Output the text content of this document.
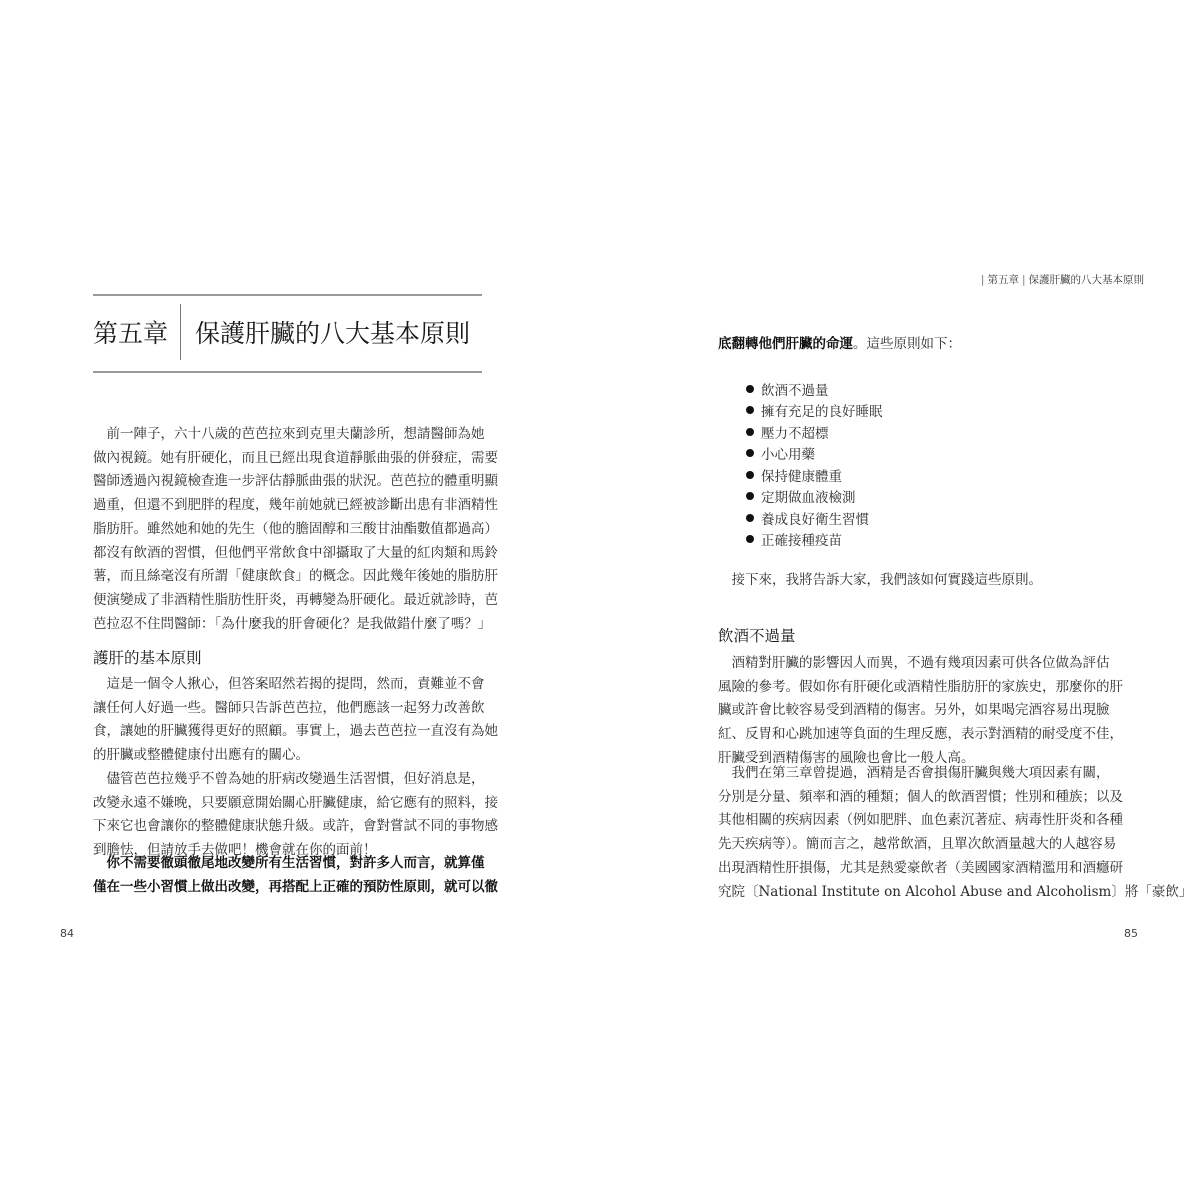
第五章	保護肝臟的八大基本原則

　前一陣子，六十八歲的芭芭拉來到克里夫蘭診所，想請醫師為她
做內視鏡。她有肝硬化，而且已經出現食道靜脈曲張的併發症，需要
醫師透過內視鏡檢查進一步評估靜脈曲張的狀況。芭芭拉的體重明顯
過重，但還不到肥胖的程度，幾年前她就已經被診斷出患有非酒精性
脂肪肝。雖然她和她的先生（他的膽固醇和三酸甘油酯數值都過高）
都沒有飲酒的習慣，但他們平常飲食中卻攝取了大量的紅肉類和馬鈴
薯，而且絲毫沒有所謂「健康飲食」的概念。因此幾年後她的脂肪肝
便演變成了非酒精性脂肪性肝炎，再轉變為肝硬化。最近就診時，芭
芭拉忍不住問醫師：「為什麼我的肝會硬化？是我做錯什麼了嗎？」

護肝的基本原則

　這是一個令人揪心，但答案昭然若揭的提問，然而，責難並不會
讓任何人好過一些。醫師只告訴芭芭拉，他們應該一起努力改善飲
食，讓她的肝臟獲得更好的照顧。事實上，過去芭芭拉一直沒有為她
的肝臟或整體健康付出應有的關心。

　儘管芭芭拉幾乎不曾為她的肝病改變過生活習慣，但好消息是，
改變永遠不嫌晚，只要願意開始關心肝臟健康，給它應有的照料，接
下來它也會讓你的整體健康狀態升級。或許，會對嘗試不同的事物感
到膽怯，但請放手去做吧！機會就在你的面前！

　你不需要徹頭徹尾地改變所有生活習慣，對許多人而言，就算僅
僅在一些小習慣上做出改變，再搭配上正確的預防性原則，就可以徹

84
| 第五章 | 保護肝臟的八大基本原則

底翻轉他們肝臟的命運。這些原則如下：

飲酒不過量
擁有充足的良好睡眠
壓力不超標
小心用藥
保持健康體重
定期做血液檢測
養成良好衛生習慣
正確接種疫苗

　接下來，我將告訴大家，我們該如何實踐這些原則。

飲酒不過量

　酒精對肝臟的影響因人而異，不過有幾項因素可供各位做為評估
風險的參考。假如你有肝硬化或酒精性脂肪肝的家族史，那麼你的肝
臟或許會比較容易受到酒精的傷害。另外，如果喝完酒容易出現臉
紅、反胃和心跳加速等負面的生理反應，表示對酒精的耐受度不佳，
肝臟受到酒精傷害的風險也會比一般人高。

　我們在第三章曾提過，酒精是否會損傷肝臟與幾大項因素有關，
分別是分量、頻率和酒的種類；個人的飲酒習慣；性別和種族；以及
其他相關的疾病因素（例如肥胖、血色素沉著症、病毒性肝炎和各種
先天疾病等）。簡而言之，越常飲酒，且單次飲酒量越大的人越容易
出現酒精性肝損傷，尤其是熱愛豪飲者（美國國家酒精濫用和酒癮研
究院〔National Institute on Alcohol Abuse and Alcoholism〕將「豪飲」

85
